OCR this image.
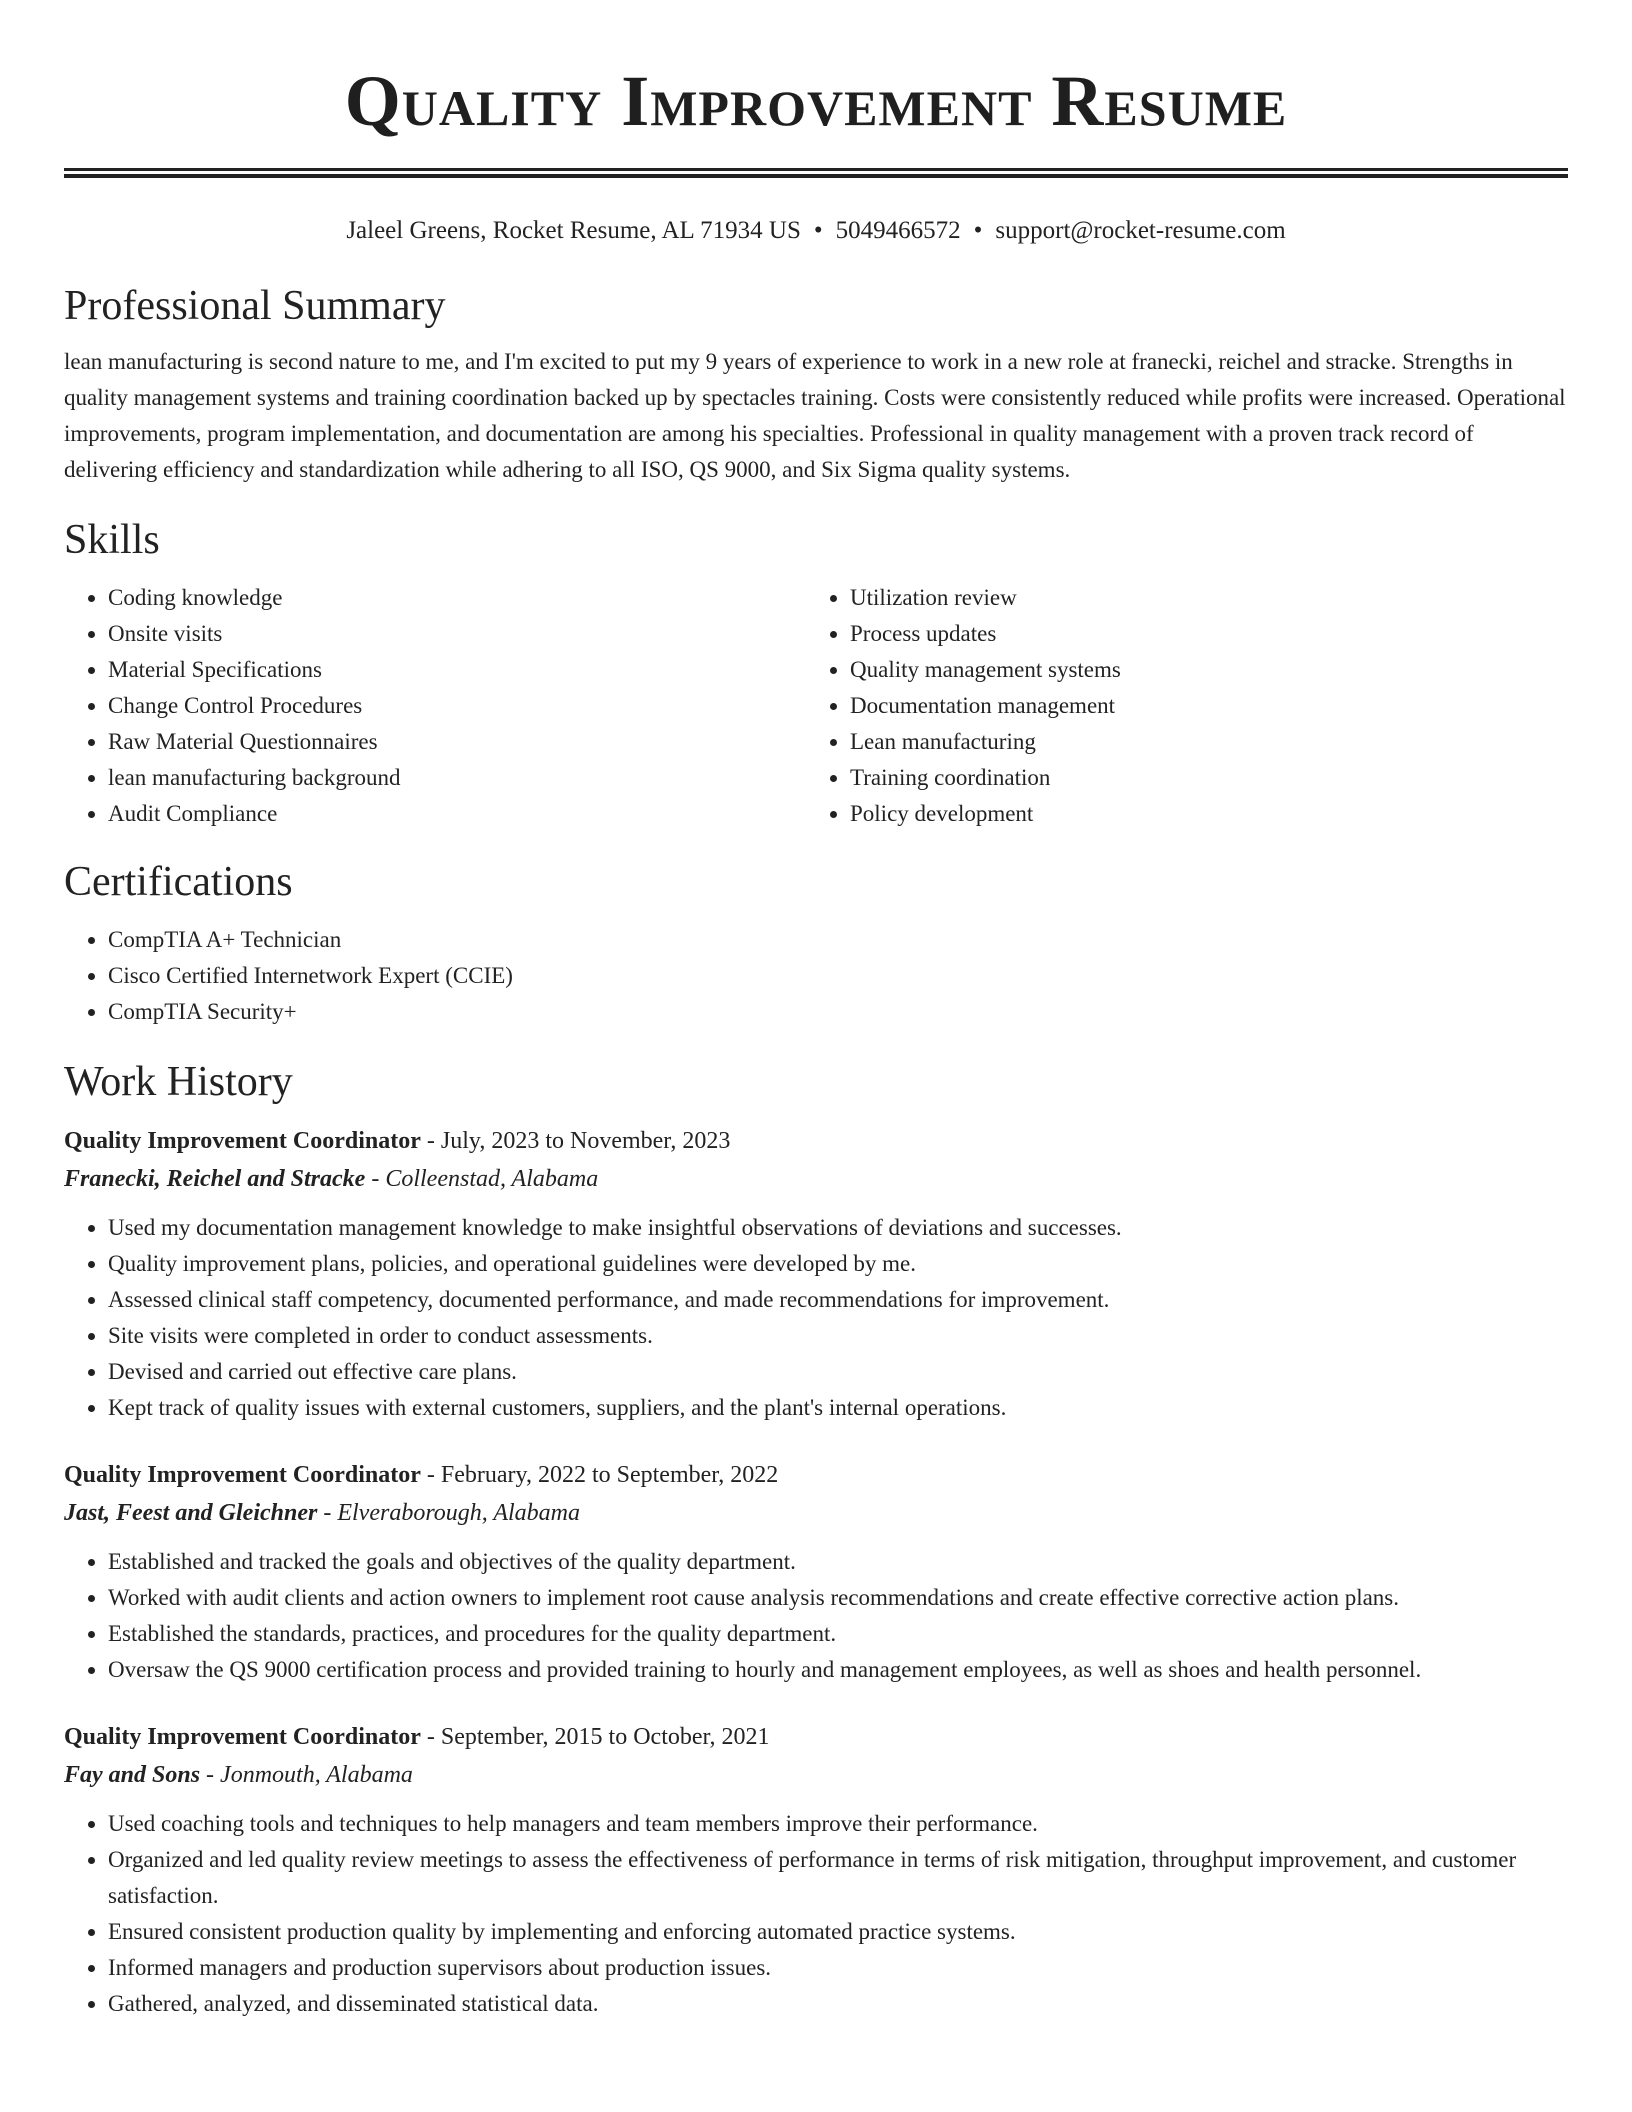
Quality Improvement Resume
Jaleel Greens, Rocket Resume, AL 71934 US • 5049466572 • support@rocket-resume.com
Professional Summary

lean manufacturing is second nature to me, and I'm excited to put my 9 years of experience to work in a new role at franecki, reichel and stracke. Strengths in quality management systems and training coordination backed up by spectacles training. Costs were consistently reduced while profits were increased. Operational improvements, program implementation, and documentation are among his specialties. Professional in quality management with a proven track record of delivering efficiency and standardization while adhering to all ISO, QS 9000, and Six Sigma quality systems.

Skills
• Coding knowledge
• Onsite visits
• Material Specifications
• Change Control Procedures
• Raw Material Questionnaires
• lean manufacturing background
• Audit Compliance
• Utilization review
• Process updates
• Quality management systems
• Documentation management
• Lean manufacturing
• Training coordination
• Policy development
Certifications
• CompTIA A+ Technician
• Cisco Certified Internetwork Expert (CCIE)
• CompTIA Security+
Work History
Quality Improvement Coordinator - July, 2023 to November, 2023
Franecki, Reichel and Stracke - Colleenstad, Alabama
• Used my documentation management knowledge to make insightful observations of deviations and successes.
• Quality improvement plans, policies, and operational guidelines were developed by me.
• Assessed clinical staff competency, documented performance, and made recommendations for improvement.
• Site visits were completed in order to conduct assessments.
• Devised and carried out effective care plans.
• Kept track of quality issues with external customers, suppliers, and the plant's internal operations.
Quality Improvement Coordinator - February, 2022 to September, 2022
Jast, Feest and Gleichner - Elveraborough, Alabama
• Established and tracked the goals and objectives of the quality department.
• Worked with audit clients and action owners to implement root cause analysis recommendations and create effective corrective action plans.
• Established the standards, practices, and procedures for the quality department.
• Oversaw the QS 9000 certification process and provided training to hourly and management employees, as well as shoes and health personnel.
Quality Improvement Coordinator - September, 2015 to October, 2021
Fay and Sons - Jonmouth, Alabama
• Used coaching tools and techniques to help managers and team members improve their performance.
• Organized and led quality review meetings to assess the effectiveness of performance in terms of risk mitigation, throughput improvement, and customer satisfaction.
• Ensured consistent production quality by implementing and enforcing automated practice systems.
• Informed managers and production supervisors about production issues.
• Gathered, analyzed, and disseminated statistical data.
